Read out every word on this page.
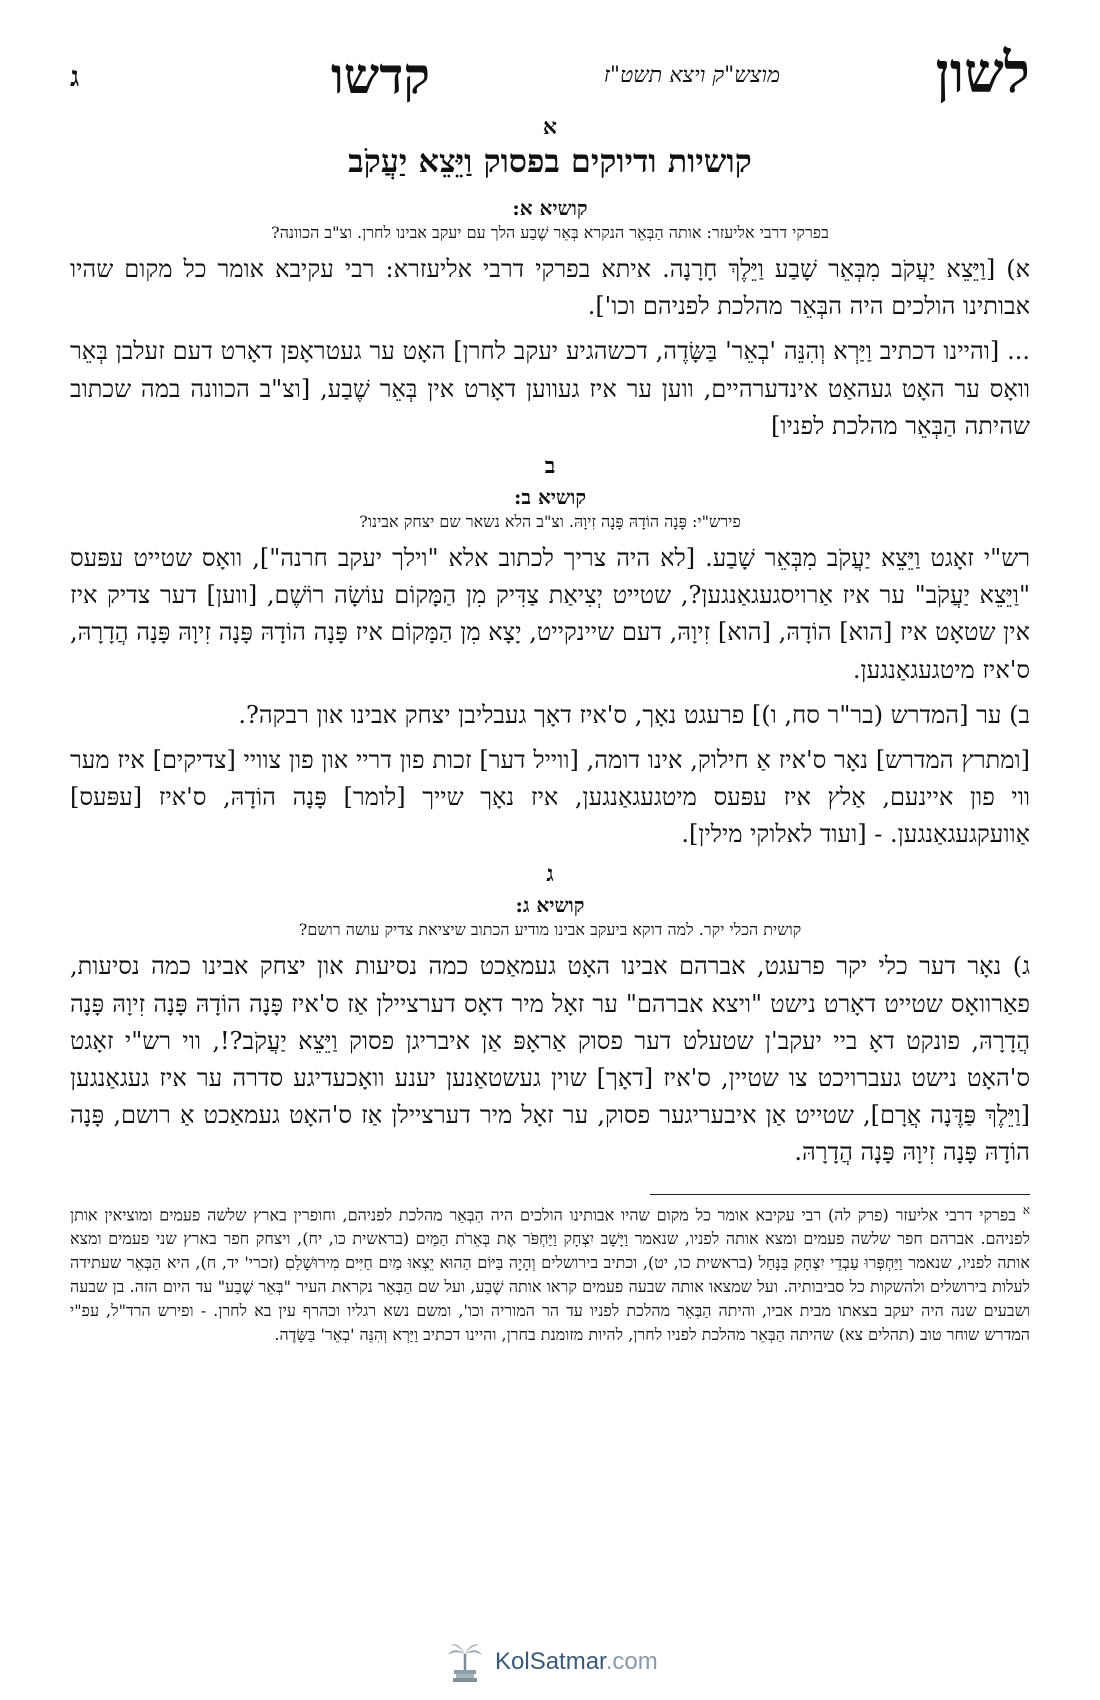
לשון
מוצש"ק ויצא תשט"ז
קדשו
ג
א
קושיות ודיוקים בפסוק וַיֵּצֵא יַעֲקֹב
קושיא א:
בפרקי דרבי אליעזר: אותה הַבְּאֵר הנקרא בְּאֵר שֶׁבַע הלך עם יעקב אבינו לחרן. וצ"ב הכוונה?

א) [וַיֵּצֵא יַעֲקֹב מִבְּאֵר שָׁבַע וַיֵּלֶךְ חָרָנָה. איתא בפרקי דרבי אליעזרא: רבי עקיבא אומר כל מקום שהיו אבותינו הולכים היה הבְּאֵר מהלכת לפניהם וכו'].

... [והיינו דכתיב וַיַּרְא וְהִנֵּה 'בְאֵר' בַּשָּׂדֶה, דכשהגיע יעקב לחרן] האָט ער געטראָפן דאָרט דעם זעלבן בְּאֵר וואָס ער האָט געהאַט אינדערהיים, ווען ער איז געווען דאָרט אין בְּאֵר שֶׁבַע, [וצ"ב הכוונה במה שכתוב שהיתה הַבְּאֵר מהלכת לפניו]

ב
קושיא ב:
פירש"י: פָּנָה הוֹדָהּ פָּנָה זִיוָהּ. וצ"ב הלא נשאר שם יצחק אבינו?

רש"י זאָגט וַיֵּצֵא יַעֲקֹב מִבְּאֵר שָׁבַע. [לא היה צריך לכתוב אלא "וילך יעקב חרנה"], וואָס שטייט עפּעס "וַיֵּצֵא יַעֲקֹב" ער איז אַרויסגעגאַנגען?, שטייט יְצִיאַת צַדִּיק מִן הַמָּקוֹם עוֹשָׂה רוֹשֶׁם, [ווען] דער צדיק איז אין שטאָט איז [הוא] הוֹדָהּ, [הוא] זִיוָהּ, דעם שיינקייט, יָצָא מִן הַמָּקוֹם איז פָּנָה הוֹדָהּ פָּנָה זִיוָהּ פָּנָה הֲדָרָהּ, ס'איז מיטגעגאַנגען.

ב) ער [המדרש (בר"ר סח, ו)] פרעגט נאָך, ס'איז דאָך געבליבן יצחק אבינו און רבקה?.

[ומתרץ המדרש] נאָר ס'איז אַ חילוק, אינו דומה, [ווייל דער] זכות פון דריי און פון צוויי [צדיקים] איז מער ווי פון איינעם, אַלץ איז עפּעס מיטגעגאַנגען, איז נאָך שייך [לומר] פָּנָה הוֹדָהּ, ס'איז [עפּעס] אַוועקגעגאַנגען. - [ועוד לאלוקי מילין].

ג
קושיא ג:
קושית הכלי יקר. למה דוקא ביעקב אבינו מודיע הכתוב שיציאת צדיק עושה רושם?

ג) נאָר דער כלי יקר פרעגט, אברהם אבינו האָט געמאַכט כמה נסיעות און יצחק אבינו כמה נסיעות, פאַרוואָס שטייט דאָרט נישט "ויצא אברהם" ער זאָל מיר דאָס דערציילן אַז ס'איז פָּנָה הוֹדָהּ פָּנָה זִיוָהּ פָּנָה הֲדָרָהּ, פונקט דאָ ביי יעקב'ן שטעלט דער פסוק אַראָפּ אַן איבריגן פסוק וַיֵּצֵא יַעֲקֹב?!, ווי רש"י זאָגט ס'האָט נישט געברויכט צו שטיין, ס'איז [דאָך] שוין געשטאַנען יענע וואָכעדיגע סדרה ער איז געגאַנגען [וַיֵּלֶךְ פַּדֶּנָה אֲרָם], שטייט אַן איבעריגער פסוק, ער זאָל מיר דערציילן אַז ס'האָט געמאַכט אַ רושם, פָּנָה הוֹדָהּ פָּנָה זִיוָהּ פָּנָה הֲדָרָהּ.

$^א$ בפרקי דרבי אליעזר (פרק לה) רבי עקיבא אומר כל מקום שהיו אבותינו הולכים היה הַבְּאֵר מהלכת לפניהם, וחופרין בארץ שלשה פעמים ומוציאין אותן לפניהם. אברהם חפר שלשה פעמים ומצא אותה לפניו, שנאמר וַיָּשָׁב יִצְחָק וַיַּחְפֹּר אֶת בְּאֵרֹת הַמַּיִם (בראשית כו, יח), ויצחק חפר בארץ שני פעמים ומצא אותה לפניו, שנאמר וַיַּחְפְּרוּ עַבְדֵי יִצְחָק בַּנָּחַל (בראשית כו, יט), וכתיב בירושלים וְהָיָה בַּיּוֹם הַהוּא יֵצְאוּ מַיִם חַיִּים מִירוּשָׁלַםִ (זכרי' יד, ח), היא הַבְּאֵר שעתידה לעלות בירושלים ולהשקות כל סביבותיה. ועל שמצאו אותה שבעה פעמים קראו אותה שֶׁבַע, ועל שם הַבְּאֵר נקראת העיר "בְּאֵר שֶׁבַע" עד היום הזה. בן שבעה ושבעים שנה היה יעקב בצאתו מבית אביו, והיתה הַבְּאֵר מהלכת לפניו עד הר המוריה וכו', ומשם נשא רגליו וכהרף עין בא לחרן. - ופירש הרד"ל, עפ"י המדרש שוחר טוב (תהלים צא) שהיתה הַבְּאֵר מהלכת לפניו לחרן, להיות מזומנת בחרן, והיינו דכתיב וַיַּרְא וְהִנֵּה 'בְאֵר' בַּשָּׂדֶה.
KolSatmar.com
